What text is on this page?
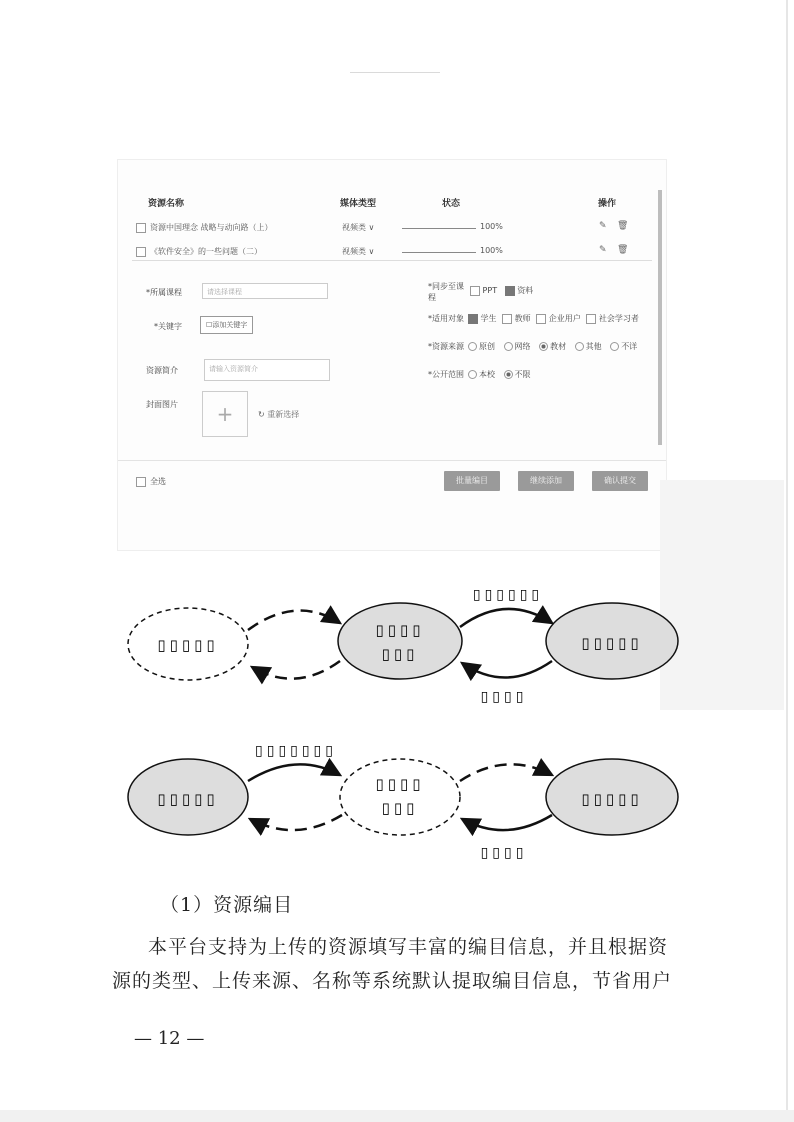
资源名称	媒体类型	状态	操作
资源中国理念 战略与动向路（上）	视频类 ∨	100%	✎ 🗑
《软件安全》的一些问题（二）	视频类 ∨	100%	✎ 🗑
*所属课程	请选择课程
*关键字	☐添加关键字
资源简介	请输入资源简介
封面图片	+	↻ 重新选择
*同步至课程
PPT	资料
*适用对象	学生 教师 企业用户 社会学习者
*资源来源	原创 网络 教材 其他 不详
*公开范围	本校 不限
全选	批量编目	继续添加	确认提交
▯▯▯▯▯
▯▯▯▯
▯▯▯
▯▯▯▯▯
▯▯▯▯▯▯
▯▯▯▯
▯▯▯▯▯
▯▯▯▯
▯▯▯	▯▯▯▯▯
▯▯▯▯▯▯▯
▯▯▯▯
（1）资源编目
本平台支持为上传的资源填写丰富的编目信息，并且根据资
源的类型、上传来源、名称等系统默认提取编目信息，节省用户
— 12 —
